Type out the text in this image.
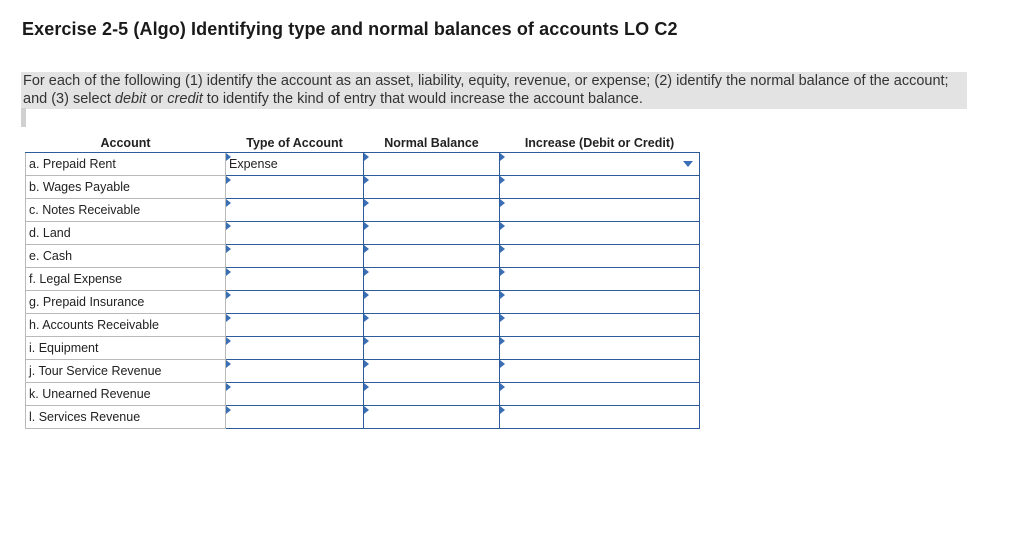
Exercise 2-5 (Algo) Identifying type and normal balances of accounts LO C2
For each of the following (1) identify the account as an asset, liability, equity, revenue, or expense; (2) identify the normal balance of the account; and (3) select debit or credit to identify the kind of entry that would increase the account balance.
Account	Type of Account	Normal Balance	Increase (Debit or Credit)
a. Prepaid Rent	Expense		

b. Wages Payable	

c. Notes Receivable	

d. Land	

e. Cash	

f. Legal Expense	

g. Prepaid Insurance	

h. Accounts Receivable	

i. Equipment	

j. Tour Service Revenue	

k. Unearned Revenue	

l. Services Revenue	
